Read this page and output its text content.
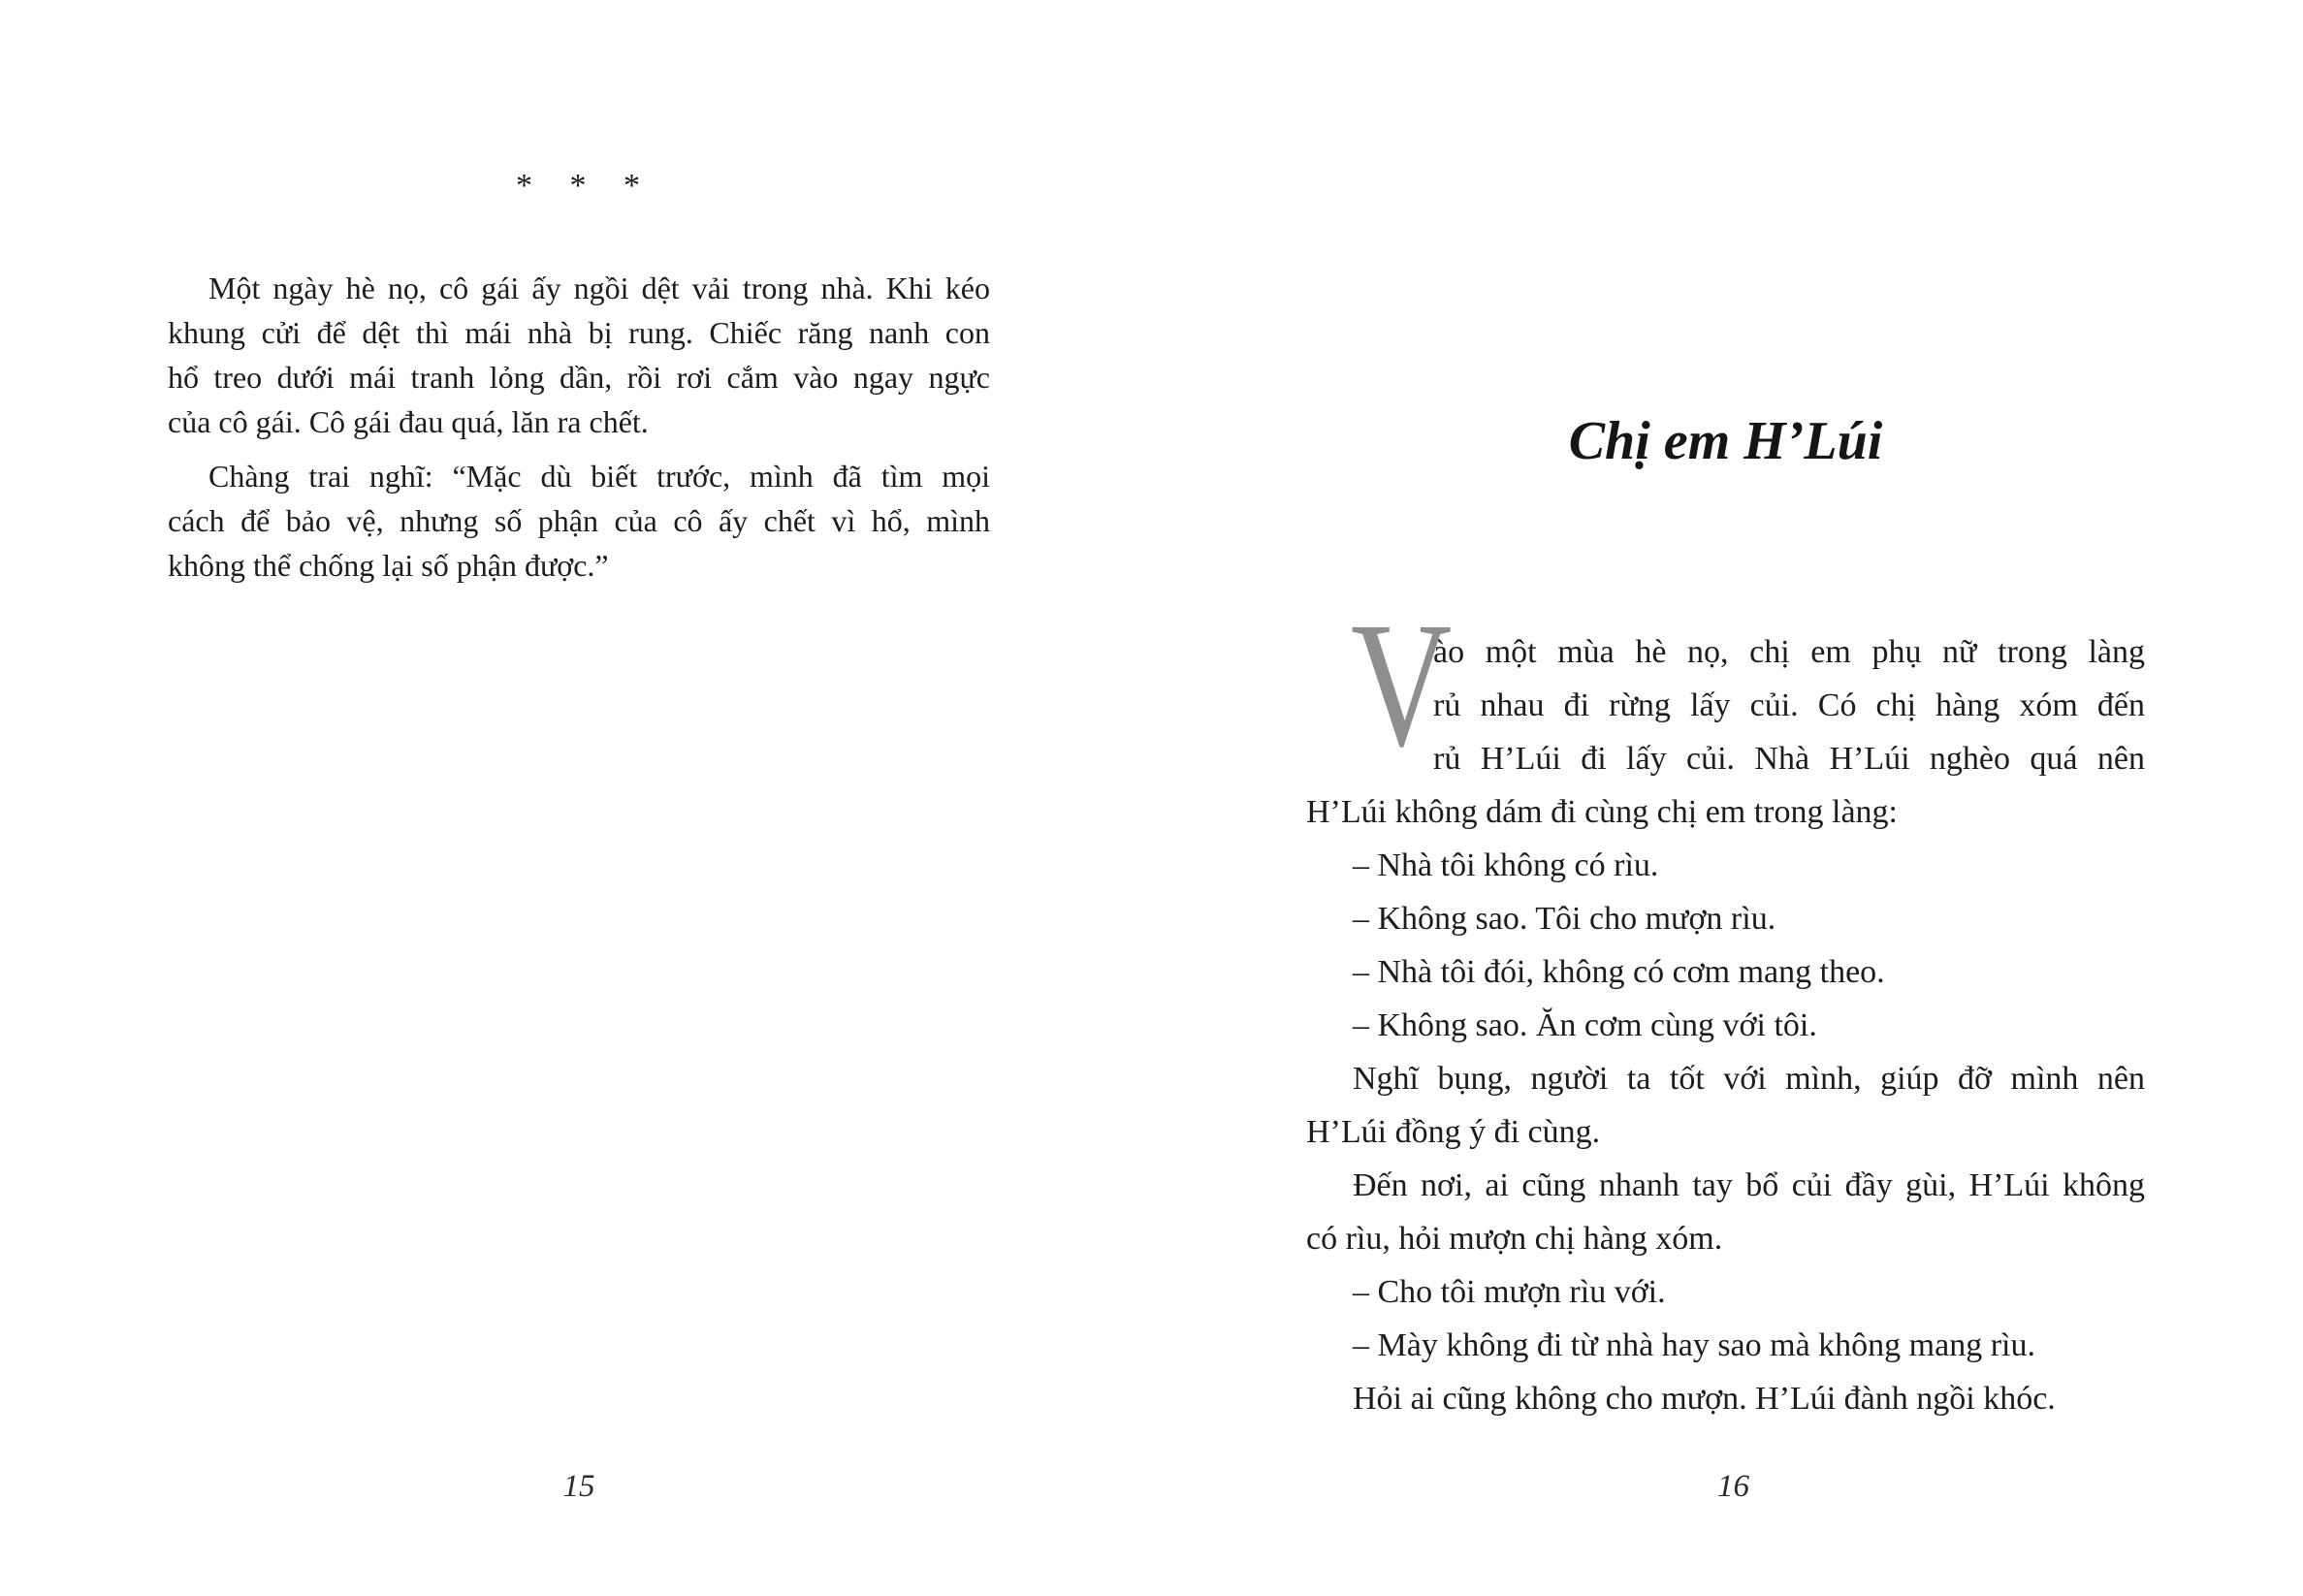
* * *
Một ngày hè nọ, cô gái ấy ngồi dệt vải trong nhà. Khi kéo
khung cửi để dệt thì mái nhà bị rung. Chiếc răng nanh con
hổ treo dưới mái tranh lỏng dần, rồi rơi cắm vào ngay ngực
của cô gái. Cô gái đau quá, lăn ra chết.
Chàng trai nghĩ: “Mặc dù biết trước, mình đã tìm mọi
cách để bảo vệ, nhưng số phận của cô ấy chết vì hổ, mình
không thể chống lại số phận được.”
15
Chị em H’Lúi
V
ào một mùa hè nọ, chị em phụ nữ trong làng
rủ nhau đi rừng lấy củi. Có chị hàng xóm đến
rủ H’Lúi đi lấy củi. Nhà H’Lúi nghèo quá nên
H’Lúi không dám đi cùng chị em trong làng:
– Nhà tôi không có rìu.
– Không sao. Tôi cho mượn rìu.
– Nhà tôi đói, không có cơm mang theo.
– Không sao. Ăn cơm cùng với tôi.
Nghĩ bụng, người ta tốt với mình, giúp đỡ mình nên
H’Lúi đồng ý đi cùng.
Đến nơi, ai cũng nhanh tay bổ củi đầy gùi, H’Lúi không
có rìu, hỏi mượn chị hàng xóm.
– Cho tôi mượn rìu với.
– Mày không đi từ nhà hay sao mà không mang rìu.
Hỏi ai cũng không cho mượn. H’Lúi đành ngồi khóc.
16
